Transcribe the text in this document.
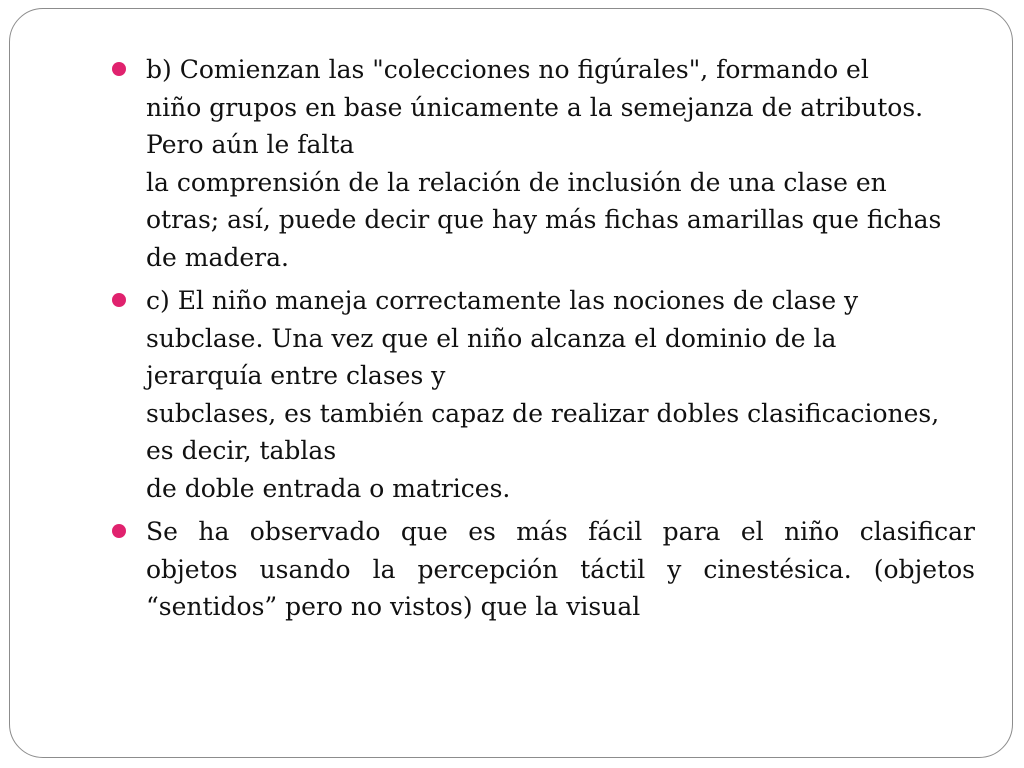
b) Comienzan las "colecciones no figúrales", formando el
niño grupos en base únicamente a la semejanza de atributos.
Pero aún le falta
la comprensión de la relación de inclusión de una clase en
otras; así, puede decir que hay más fichas amarillas que fichas
de madera.
c) El niño maneja correctamente las nociones de clase y
subclase. Una vez que el niño alcanza el dominio de la
jerarquía entre clases y
subclases, es también capaz de realizar dobles clasificaciones,
es decir, tablas
de doble entrada o matrices.
Se ha observado que es más fácil para el niño clasificar
objetos usando la percepción táctil y cinestésica. (objetos
“sentidos” pero no vistos) que la visual
